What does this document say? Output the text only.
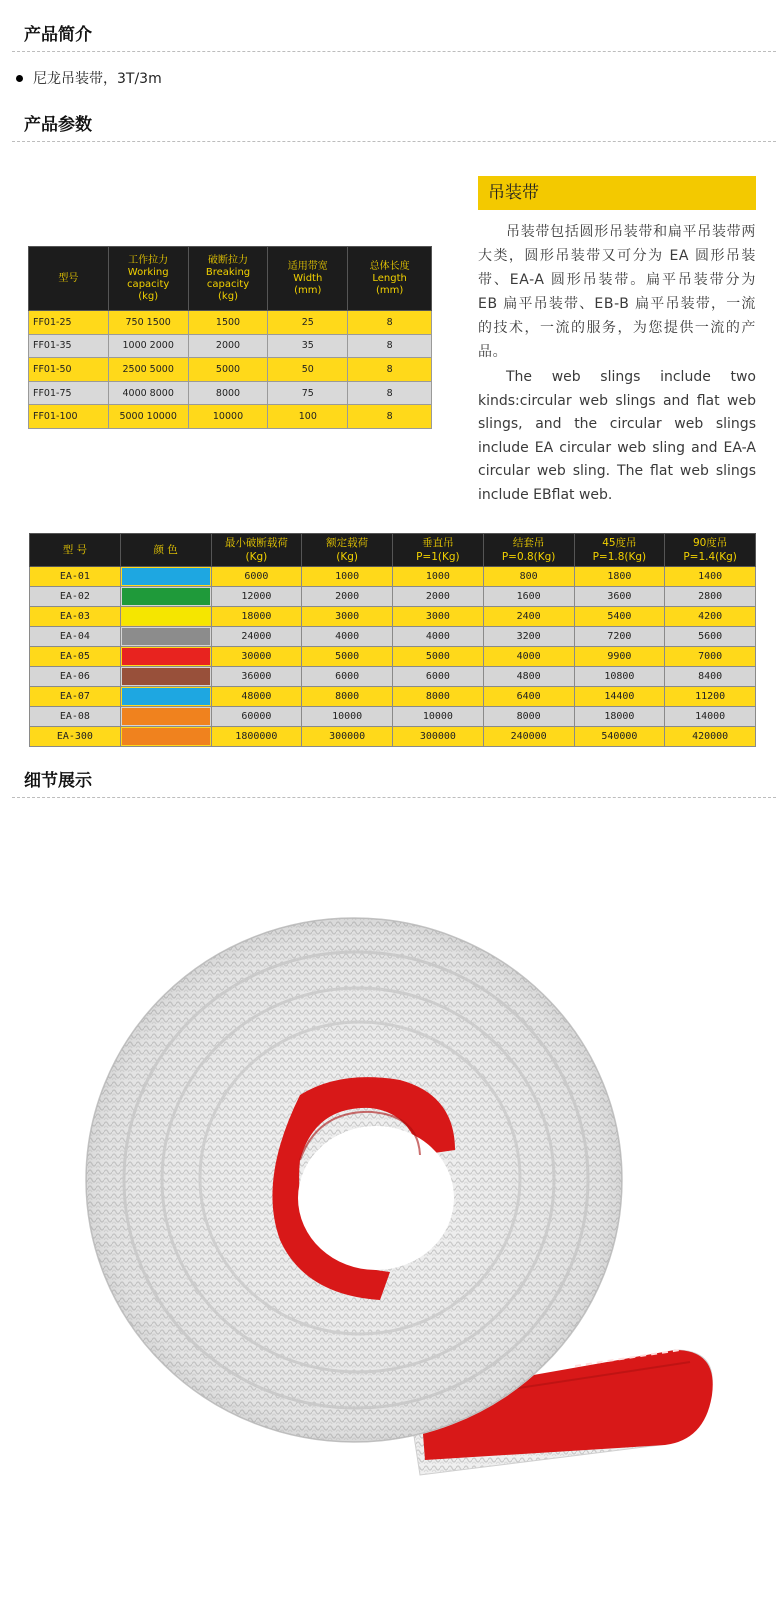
产品简介
尼龙吊装带，3T/3m
产品参数
型号	工作拉力
Working
capacity
(kg)	破断拉力
Breaking
capacity
(kg)	适用带宽
Width
(mm)	总体长度
Length
(mm)
FF01-25	750 1500	1500	25	8
FF01-35	1000 2000	2000	35	8
FF01-50	2500 5000	5000	50	8
FF01-75	4000 8000	8000	75	8
FF01-100	5000 10000	10000	100	8
吊装带

吊装带包括圆形吊装带和扁平吊装带两大类，圆形吊装带又可分为 EA 圆形吊装带、EA-A 圆形吊装带。扁平吊装带分为 EB 扁平吊装带、EB-B 扁平吊装带，一流的技术，一流的服务，为您提供一流的产品。

The web slings include two kinds:circular web slings and flat web slings, and the circular web slings include EA circular web sling and EA-A circular web sling. The flat web slings include EBflat web.

型 号	颜 色	最小破断载荷
(Kg)	额定载荷
(Kg)	垂直吊
P=1(Kg)	结套吊
P=0.8(Kg)	45度吊
P=1.8(Kg)	90度吊
P=1.4(Kg)
EA-01		6000	1000	1000	800	1800	1400
EA-02		12000	2000	2000	1600	3600	2800
EA-03		18000	3000	3000	2400	5400	4200
EA-04		24000	4000	4000	3200	7200	5600
EA-05		30000	5000	5000	4000	9900	7000
EA-06		36000	6000	6000	4800	10800	8400
EA-07		48000	8000	8000	6400	14400	11200
EA-08		60000	10000	10000	8000	18000	14000
EA-300		1800000	300000	300000	240000	540000	420000
细节展示
